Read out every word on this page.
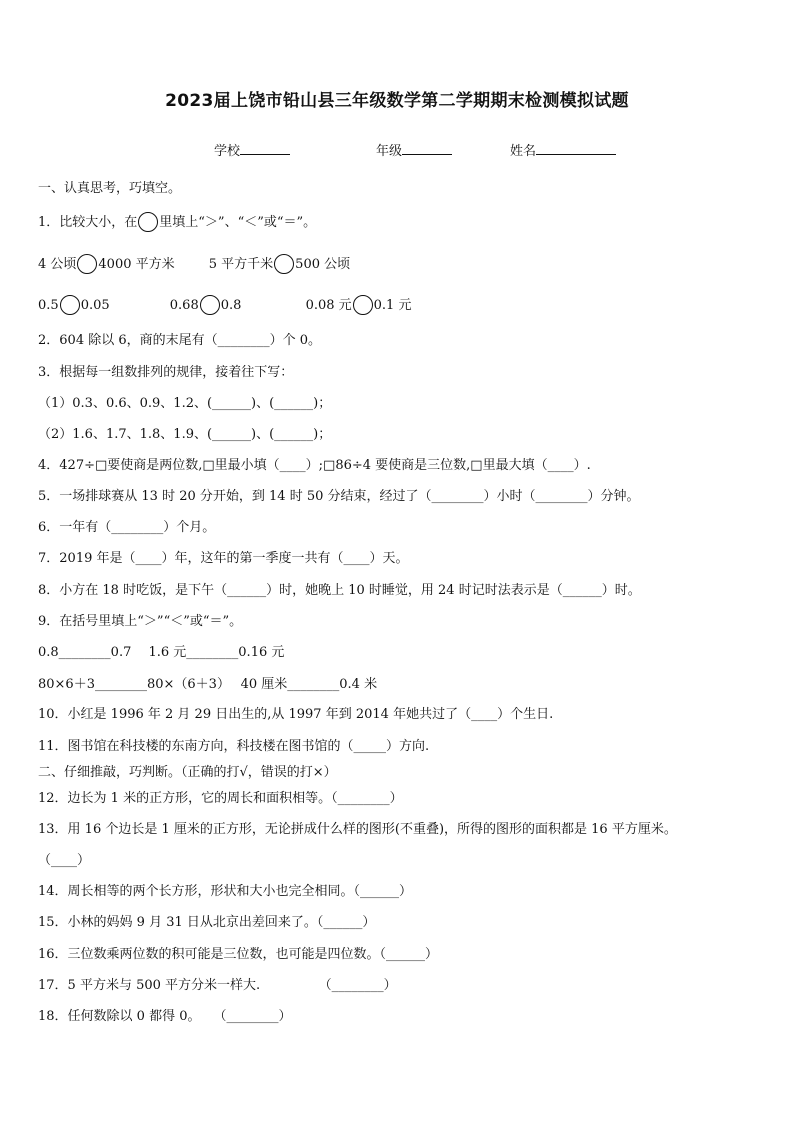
2023届上饶市铅山县三年级数学第二学期期末检测模拟试题
学校	年级	姓名
一、认真思考，巧填空。
1．比较大小，在 里填上“＞”、“＜”或“＝”。
4 公顷 4000 平方米	5 平方千米 500 公顷
0.5 0.05	0.68 0.8	0.08 元 0.1 元
2．604 除以 6，商的末尾有（________）个 0。
3．根据每一组数排列的规律，接着往下写：
（1）0.3、0.6、0.9、1.2、(______)、(______)；
（2）1.6、1.7、1.8、1.9、(______)、(______)；
4．427÷□要使商是两位数,□里最小填（____）;□86÷4 要使商是三位数,□里最大填（____）.
5．一场排球赛从 13 时 20 分开始，到 14 时 50 分结束，经过了（________）小时（________）分钟。
6．一年有（________）个月。
7．2019 年是（____）年，这年的第一季度一共有（____）天。
8．小方在 18 时吃饭，是下午（______）时，她晚上 10 时睡觉，用 24 时记时法表示是（______）时。
9．在括号里填上“＞”“＜”或“＝”。
0.8________0.7　 1.6 元________0.16 元
80×6＋3________80×（6＋3）　 40 厘米________0.4 米
10．小红是 1996 年 2 月 29 日出生的,从 1997 年到 2014 年她共过了（____）个生日.
11．图书馆在科技楼的东南方向，科技楼在图书馆的（_____）方向.
二、仔细推敲，巧判断。（正确的打√，错误的打×）
12．边长为 1 米的正方形，它的周长和面积相等。（________）
13．用 16 个边长是 1 厘米的正方形，无论拼成什么样的图形(不重叠)，所得的图形的面积都是 16 平方厘米。
（____）
14．周长相等的两个长方形，形状和大小也完全相同。（______）
15．小林的妈妈 9 月 31 日从北京出差回来了。（______）
16．三位数乘两位数的积可能是三位数，也可能是四位数。（______）
17．5 平方米与 500 平方分米一样大.　　　　　（________）
18．任何数除以 0 都得 0。　　（________）
